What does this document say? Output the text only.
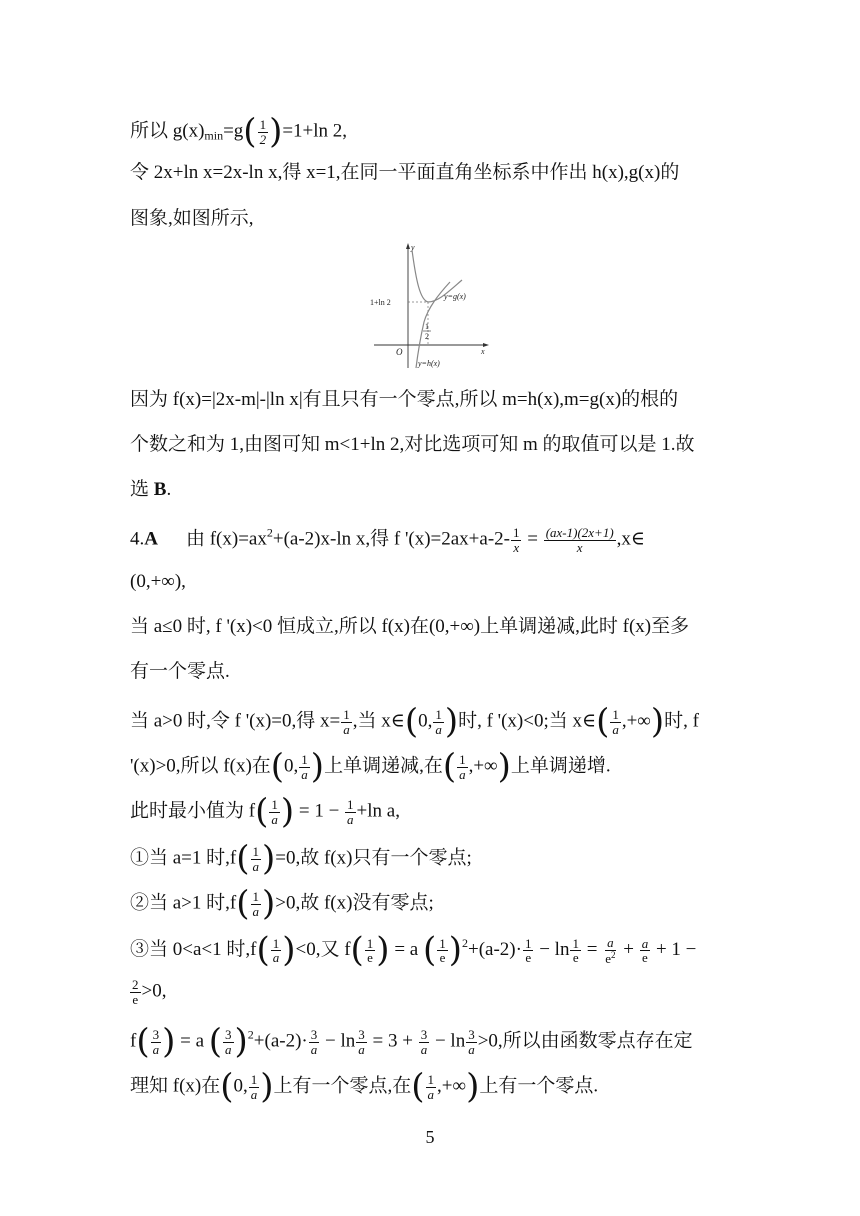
所以 $g(x)_{min}=g( \frac{1}{2} )=1+\ln$ 2,
令 2x+ln x=2x-ln x,得 x=1,在同一平面直角坐标系中作出 h(x),g(x)的
图象,如图所示,
y
x
O
1+ln 2
1
2
y=g(x)
y=h(x)
因为 f(x)=|2x-m|-|ln x|有且只有一个零点,所以 m=h(x),m=g(x)的根的
个数之和为 1,由图可知 m<1+ln 2,对比选项可知 m 的取值可以是 1.故
选 B.
4.A 由 $f(x)=ax^2+(a-2)x-\ln$ x,得 f '$(x)=2ax+a-2- \frac{1}{x} = \frac{(ax-1)(2x+1)}{x}$ ,x∈
(0,+∞),
当 a≤0 时, f '(x)<0 恒成立,所以 f(x)在(0,+∞)上单调递减,此时 f(x)至多
有一个零点.
当 a>0 时,令 f '(x)=0,得 $x= \frac{1}{a}$ ,当 x∈(0, $\frac{1}{a}$ )时, f '(x)<0;当 x∈( $\frac{1}{a}$ ,+∞)时, f
'(x)>0,所以 f(x)在(0, $\frac{1}{a}$ )上单调递减,在( $\frac{1}{a}$ ,+∞)上单调递增.
此时最小值为 $f( \frac{1}{a}$ ) = $1 - \frac{1}{a} +\ln$ a,
①当 a=1 时$,f( \frac{1}{a} )=0$,故 f(x)只有一个零点;
②当 a>1 时$,f( \frac{1}{a} )>0$,故 f(x)没有零点;
③当 0<a<1 时$,f( \frac{1}{a} )<0$,又 $f( \frac{1}{e}$ ) = a ( $\frac{1}{e} )^2+(a-2)\cdot \frac{1}{e} - \ln \frac{1}{e} = \frac{a}{e^2} + \frac{a}{e} + 1$ −
$\frac{2}{e} >0$,
$f( \frac{3}{a}$ ) = a ( $\frac{3}{a} )^2+(a-2)\cdot \frac{3}{a} - \ln \frac{3}{a} = 3 + \frac{3}{a} - \ln \frac{3}{a} >0$,所以由函数零点存在定
理知 f(x)在(0, $\frac{1}{a}$ )上有一个零点,在( $\frac{1}{a}$ ,+∞)上有一个零点.
5
